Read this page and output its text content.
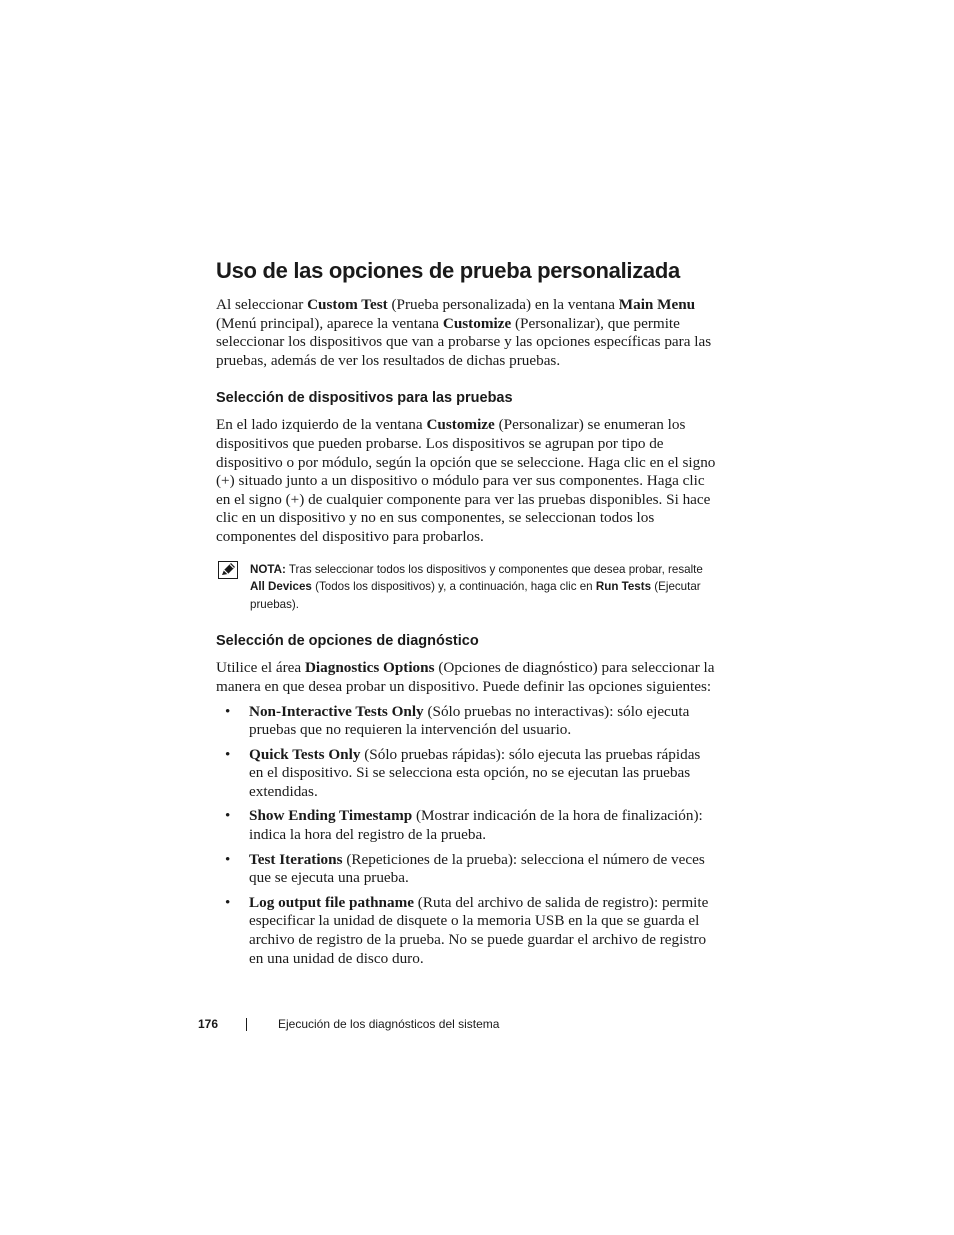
Uso de las opciones de prueba personalizada

Al seleccionar Custom Test (Prueba personalizada) en la ventana Main Menu (Menú principal), aparece la ventana Customize (Personalizar), que permite seleccionar los dispositivos que van a probarse y las opciones específicas para las pruebas, además de ver los resultados de dichas pruebas.

Selección de dispositivos para las pruebas

En el lado izquierdo de la ventana Customize (Personalizar) se enumeran los dispositivos que pueden probarse. Los dispositivos se agrupan por tipo de dispositivo o por módulo, según la opción que se seleccione. Haga clic en el signo (+) situado junto a un dispositivo o módulo para ver sus componentes. Haga clic en el signo (+) de cualquier componente para ver las pruebas disponibles. Si hace clic en un dispositivo y no en sus componentes, se seleccionan todos los componentes del dispositivo para probarlos.

NOTA: Tras seleccionar todos los dispositivos y componentes que desea probar, resalte All Devices (Todos los dispositivos) y, a continuación, haga clic en Run Tests (Ejecutar pruebas).
Selección de opciones de diagnóstico

Utilice el área Diagnostics Options (Opciones de diagnóstico) para seleccionar la manera en que desea probar un dispositivo. Puede definir las opciones siguientes:

• Non-Interactive Tests Only (Sólo pruebas no interactivas): sólo ejecuta pruebas que no requieren la intervención del usuario.
• Quick Tests Only (Sólo pruebas rápidas): sólo ejecuta las pruebas rápidas en el dispositivo. Si se selecciona esta opción, no se ejecutan las pruebas extendidas.
• Show Ending Timestamp (Mostrar indicación de la hora de finalización): indica la hora del registro de la prueba.
• Test Iterations (Repeticiones de la prueba): selecciona el número de veces que se ejecuta una prueba.
• Log output file pathname (Ruta del archivo de salida de registro): permite especificar la unidad de disquete o la memoria USB en la que se guarda el archivo de registro de la prueba. No se puede guardar el archivo de registro en una unidad de disco duro.
176	Ejecución de los diagnósticos del sistema
